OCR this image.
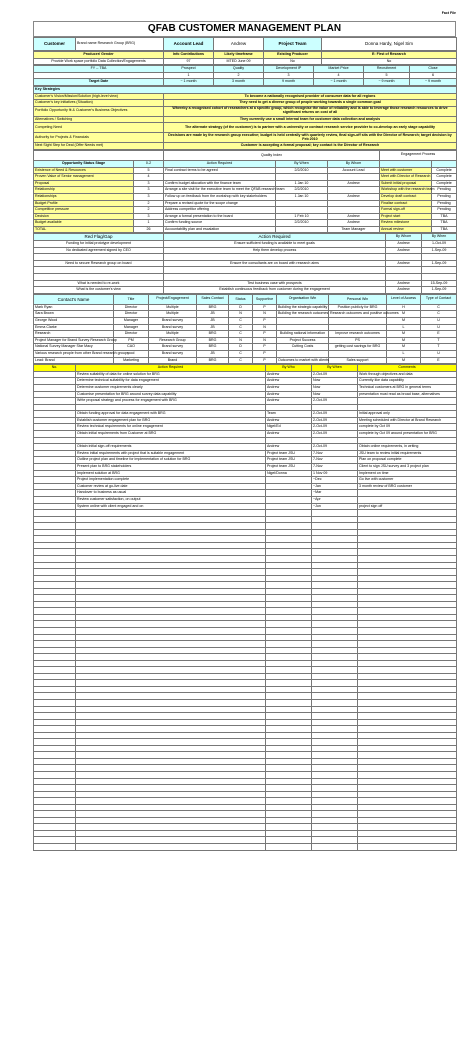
Fact File
QFAB CUSTOMER MANAGEMENT PLAN
Customer	Brand name Research Group (BRG)	Account Lead	Andrew	Project Team	Donna Hardy, Nigel Sim
Producer/ Gender	Info Contributions	Likely timeframe	Existing Producer	E: First of Research
Provide Work space portfolio Data Collection/Engagements	97	MTED June 09	No	No
FY -- TBA	Prospect	Quality	Development IP	Market Price	Recruitment	Close
	1	2	3	4	5	6
Target Date	~ 1 month	3 month	9 month	~ 1 month	~ 9 month	~ 9 month
Key Strategies	
Customer's Vision/Mission/Solution (high-level view)	To become a nationally recognised provider of consumer data for all regions
Customer's key initiatives (Situation)	They need to get a diverse group of people working towards a single common goal
Portfolio Opportunity fit & Customer's Business Objectives	Whereby a recognised cohort of researchers at a specific group, which recognise the value of reliability and is able to leverage those research resources to drive significant returns on cost of all
Alternatives / Switching	They currently use a small internal team for customer data collection and analysis
Competing Need	The alternate strategy (of the customer) is to partner with a university or contract research service provider to co-develop an early stage capability
Authority for Projects & Financials	Decisions are made by the research group executive; budget is held centrally with quarterly review, final sign-off sits with the Director of Research; target decision by Feb 2010
Next Sight Step for Deal (Offer Needs met)	Customer is accepting a formal proposal; key contact is the Director of Research
		Quality Index			Engagement Process	
Opportunity Status Stage	0-2	Action Required	By When	By Whom		
Existence of Need & Resources	5	Final contract terms to be agreed	2/2/2010	Account Lead	Meet with customer	Complete
Proven Value of Senior management	4				Meet with Director of Research	Complete
Proposal	3	Confirm budget allocation with the finance team	1 Jan 10	Andrew	Submit initial proposal	Complete
Relationship	3	Arrange a site visit for the executive team to meet the QFAB research team	2/2/2010		Workshop with the research team	Pending
Relationships	3	Follow up on feedback from the workshop with key stakeholders	1 Jan 10	Andrew	Develop draft contract	Pending
Budget Profile	2	Prepare a revised quote for the scope change			Finalise contract	Pending
Competitive pressure	2	Address competitor offering			Formal sign-off	Pending
Decision	3	Arrange a formal presentation to the board	1 Feb 10	Andrew	Project start	TBA
Budget available	1	Confirm funding source	2/2/2010	Andrew	Review milestone	TBA
TOTAL	26	Accountability plan and escalation		Team Manager	Annual review	TBA
Red Flag/Gap	Action Required	By Whom	By When
Funding for initial prototype development	Ensure sufficient funding is available to meet goals	Andrew	1-Oct-09
No dedicated agreement signed by CEO	Help them develop process	Andrew	1-Sep-09

Need to secure Research group on board	Ensure the consultants are on board with research aims	Andrew	1-Sep-09

What is needed to re-work	Test business case with prospects	Andrew	15-Sep-09
What is the customer's view	Establish continuous feedback from customer during the engagement	Andrew	1-Sep-09
Contact's Name	Title	Project/Engagement	Sales Contact	Status	Supportive	Organisation Win	Personal Win	Level of Access	Type of Contact
Mark Ryan	Director	Multiple	BRG	D	P	Building the strategic capability	Position publicly for BRG	H	C
Sara Brown	Director	Multiple	JB	N	N	Building the research outcomes	Research outcomes and positive outcomes	M	C
George Wood	Manager	Brand survey	JB	C	P			M	U
Emma Clarke	Manager	Brand survey	JB	C	N			L	U
Research	Director	Multiple	BRG	C	P	Building national information	Improve research outcomes	M	E
Project Manager for Brand Survey Research Group	PM	Research Group	BRG	N	N	Project Success	PS	M	T
National Survey Manager Star Macy	CAO	Brand survey	BRG	D	P	Cutting Costs	getting cost savings for BRG	M	T
Various research people from other Brand research groups	pool	Brand survey	JB	C	P			L	U
Lead: Brand	Marketing	Brand	BRG	C	P	Outcomes to market with clients	Sales support	M	E
No.	Action Required	By Who	By When	Comments
	Review suitability of data for online solution for BRG	Andrew	2-Oct-09	Work through objectives and data
	Determine technical suitability for data engagement	Andrew	Now	Currently like data capability
	Determine customer requirements clearly	Andrew	Now	Technical customers at BRG in general terms
	Customise presentation for BRG around survey data capability	Andrew	Now	presentation must read as broad base, alternatives
	Write proposal strategy and process for engagement with BRG	Andrew	2-Oct-09	

	Obtain funding approval for data engagement with BRG	Team	2-Oct-09	Initial approval only
	Establish customer engagement plan for BRG	Andrew	2-Oct-09	Meeting scheduled with Director at Brand Research
	Review technical requirements for online engagement	Nigel/Ed	2-Oct-09	complete by Oct 09
	Obtain initial requirements from Customer at BRG	Andrew	2-Oct-09	complete by Oct 09 around presentation for BRG

	Obtain initial sign-off requirements	Andrew	2-Oct-09	Obtain online requirements, in writing
	Review initial requirements with project that is suitable engagement	Project team JSU	7-Nov	JSU team to review initial requirements
	Outline project plan and timeline for implementation of solution for BRG	Project team JSU	7-Nov	Plan on proposal complete
	Present plan to BRG stakeholders	Project team JSU	7-Nov	Client to sign JSU survey and 3 project plan
	Implement solution at BRG	Nigel/Donna	1 Nov 09	Implement on time
	Project implementation complete		~Dec	Go live with customer
	Customer review at go-live date		~Jan	3 month review of BRG customer
	Handover to business as usual		~Mar	
	Review customer satisfaction, on output		~Apr	
	System online with client engaged and on		~Jun	project sign off
